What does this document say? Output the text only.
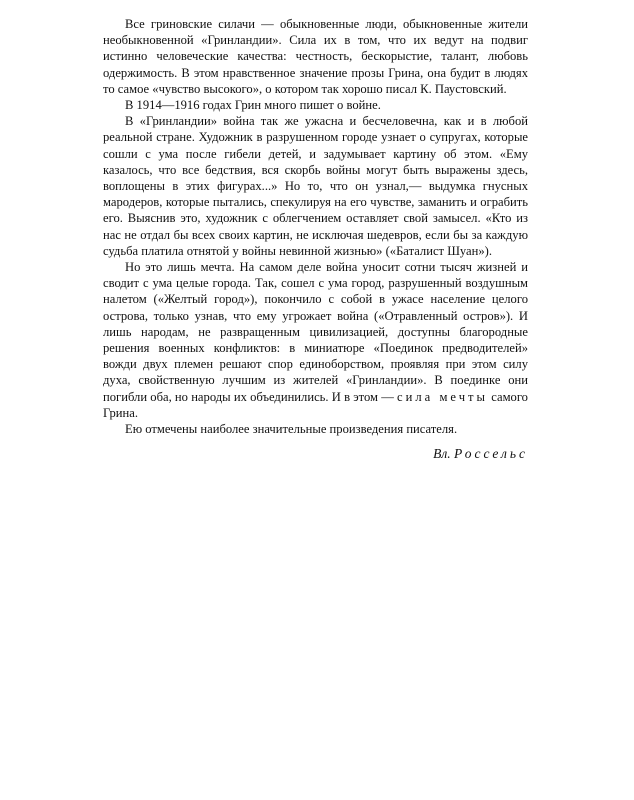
Все гриновские силачи — обыкновенные люди, обыкновенные жители необыкновенной «Гринландии». Сила их в том, что их ведут на подвиг истинно человеческие качества: честность, бескорыстие, талант, любовь одержимость. В этом нравственное значение прозы Грина, она будит в людях то самое «чувство высокого», о котором так хорошо писал К. Паустовский.

В 1914—1916 годах Грин много пишет о войне.

В «Гринландии» война так же ужасна и бесчеловечна, как и в любой реальной стране. Художник в разрушенном городе узнает о супругах, которые сошли с ума после гибели детей, и задумывает картину об этом. «Ему казалось, что все бедствия, вся скорбь войны могут быть выражены здесь, воплощены в этих фигурах...» Но то, что он узнал,— выдумка гнусных мародеров, которые пытались, спекулируя на его чувстве, заманить и ограбить его. Выяснив это, художник с облегчением оставляет свой замысел. «Кто из нас не отдал бы всех своих картин, не исключая шедевров, если бы за каждую судьба платила отнятой у войны невинной жизнью» («Баталист Шуан»).

Но это лишь мечта. На самом деле война уносит сотни тысяч жизней и сводит с ума целые города. Так, сошел с ума город, разрушенный воздушным налетом («Желтый город»), покончило с собой в ужасе население целого острова, только узнав, что ему угрожает война («Отравленный остров»). И лишь народам, не развращенным цивилизацией, доступны благородные решения военных конфликтов: в миниатюре «Поединок предводителей» вожди двух племен решают спор единоборством, проявляя при этом силу духа, свойственную лучшим из жителей «Гринландии». В поединке они погибли оба, но народы их объединились. И в этом — сила мечты самого Грина.

Ею отмечены наиболее значительные произведения писателя.

Вл. Россельс
